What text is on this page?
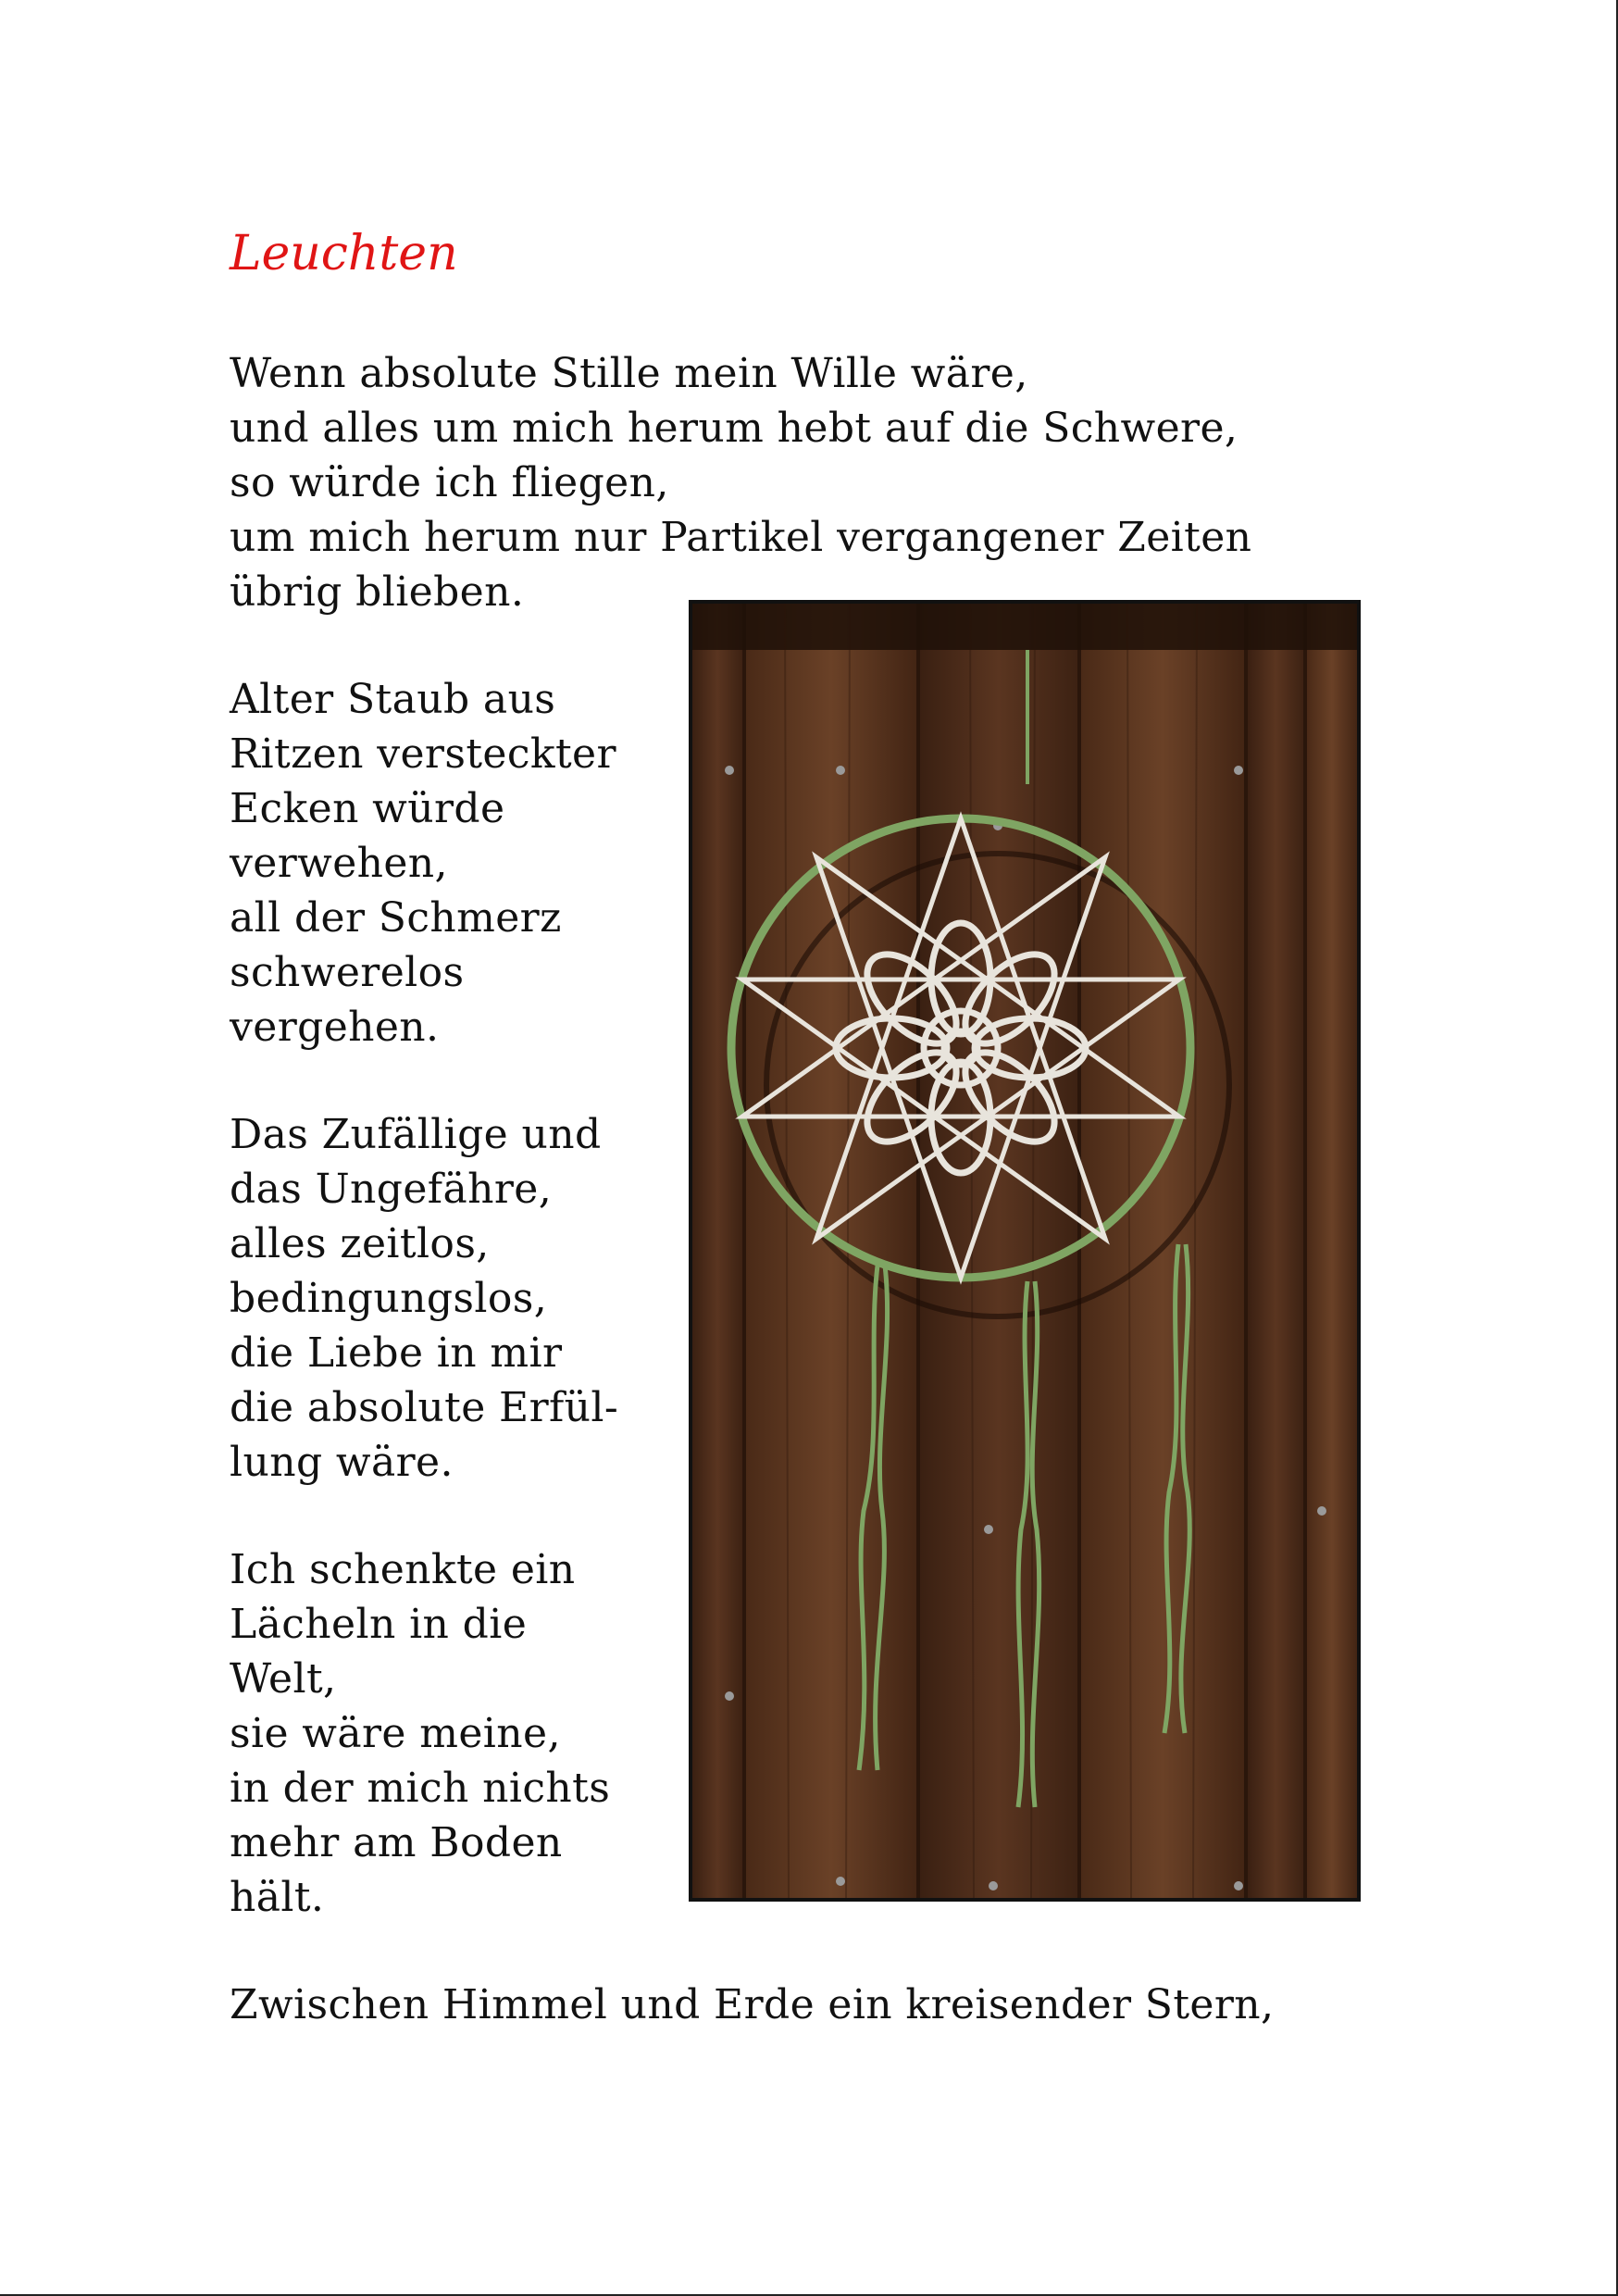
Leuchten
Wenn absolute Stille mein Wille wäre,
und alles um mich herum hebt auf die Schwere,
so würde ich fliegen,
um mich herum nur Partikel vergangener Zeiten
übrig blieben.
Alter Staub aus
Ritzen versteckter
Ecken würde
verwehen,
all der Schmerz
schwerelos
vergehen.
Das Zufällige und
das Ungefähre,
alles zeitlos,
bedingungslos,
die Liebe in mir
die absolute Erfül-
lung wäre.
Ich schenkte ein
Lächeln in die
Welt,
sie wäre meine,
in der mich nichts
mehr am Boden
hält.
Zwischen Himmel und Erde ein kreisender Stern,
